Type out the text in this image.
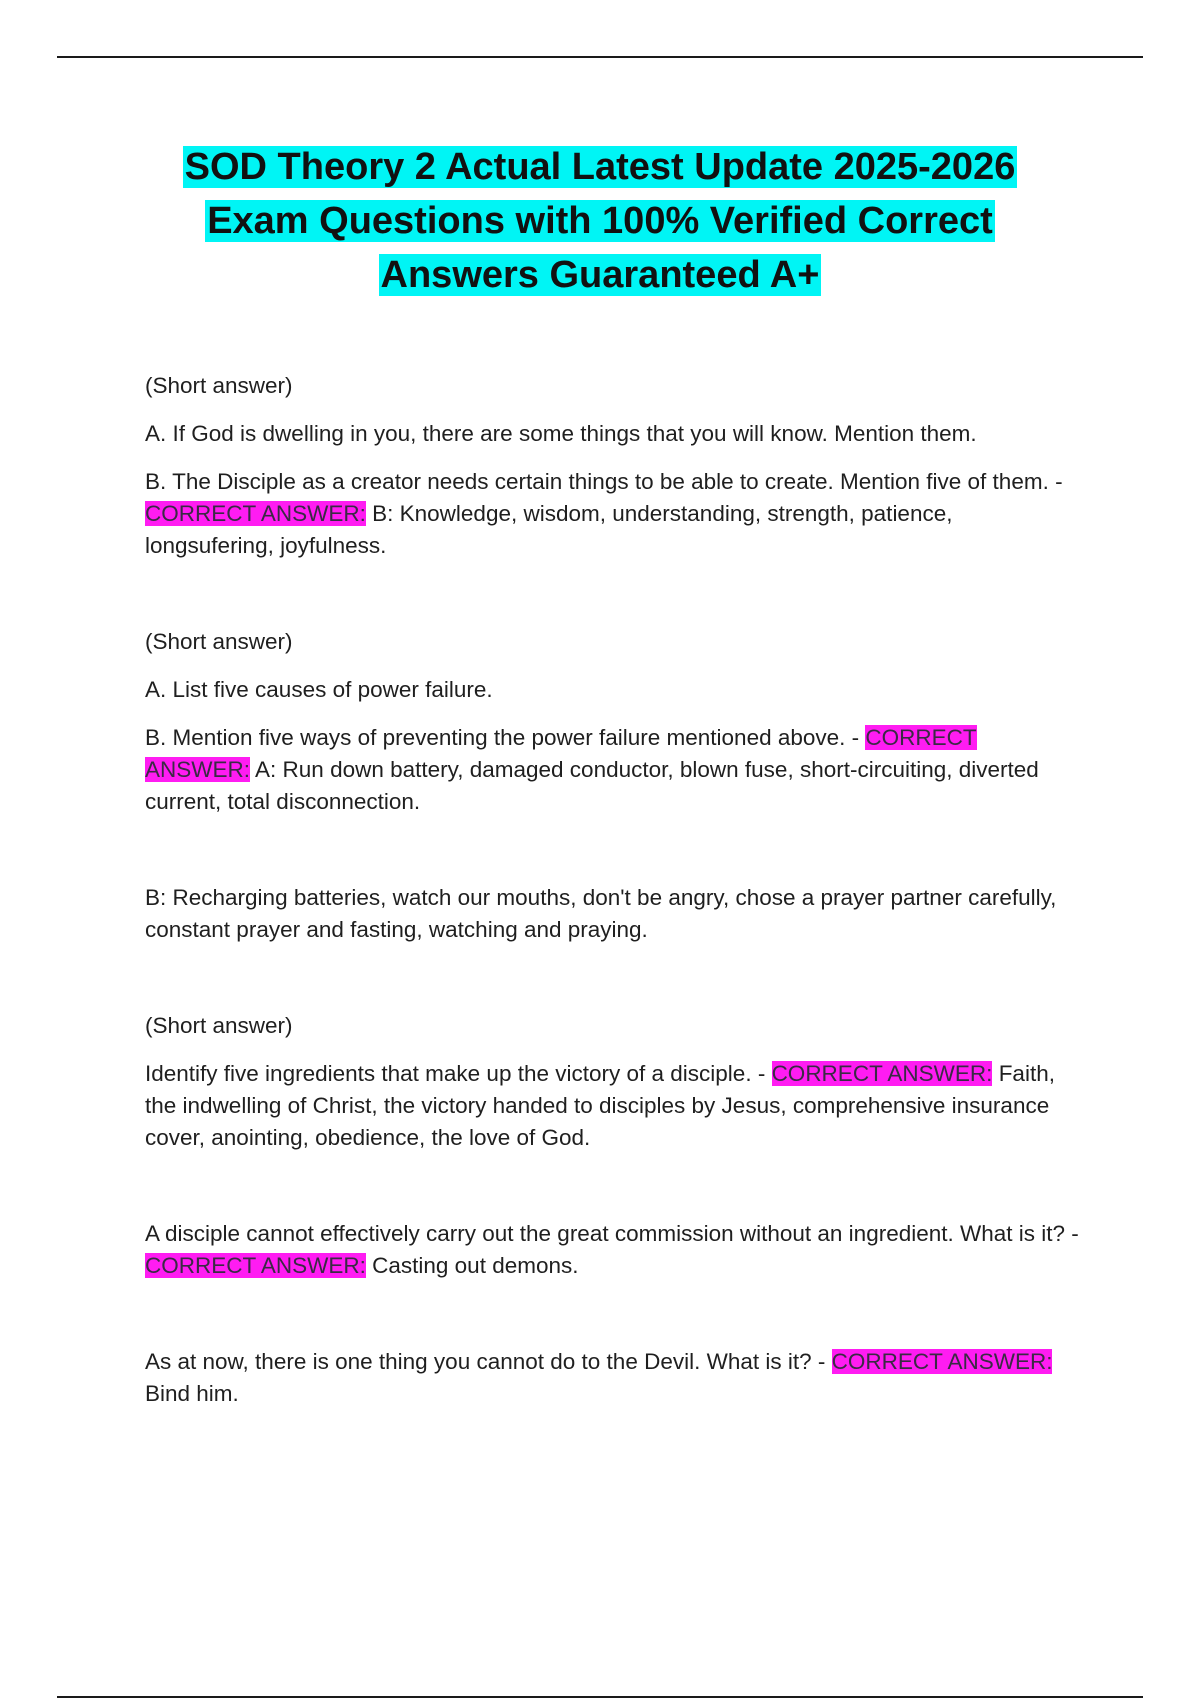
SOD Theory 2 Actual Latest Update 2025-2026
Exam Questions with 100% Verified Correct
Answers Guaranteed A+

(Short answer)

A. If God is dwelling in you, there are some things that you will know. Mention them.

B. The Disciple as a creator needs certain things to be able to create. Mention five of them. - CORRECT ANSWER: B: Knowledge, wisdom, understanding, strength, patience, longsufering, joyfulness.

(Short answer)

A. List five causes of power failure.

B. Mention five ways of preventing the power failure mentioned above. - CORRECT ANSWER: A: Run down battery, damaged conductor, blown fuse, short-circuiting, diverted current, total disconnection.

B: Recharging batteries, watch our mouths, don't be angry, chose a prayer partner carefully, constant prayer and fasting, watching and praying.

(Short answer)

Identify five ingredients that make up the victory of a disciple. - CORRECT ANSWER: Faith, the indwelling of Christ, the victory handed to disciples by Jesus, comprehensive insurance cover, anointing, obedience, the love of God.

A disciple cannot effectively carry out the great commission without an ingredient. What is it? - CORRECT ANSWER: Casting out demons.

As at now, there is one thing you cannot do to the Devil. What is it? - CORRECT ANSWER: Bind him.
